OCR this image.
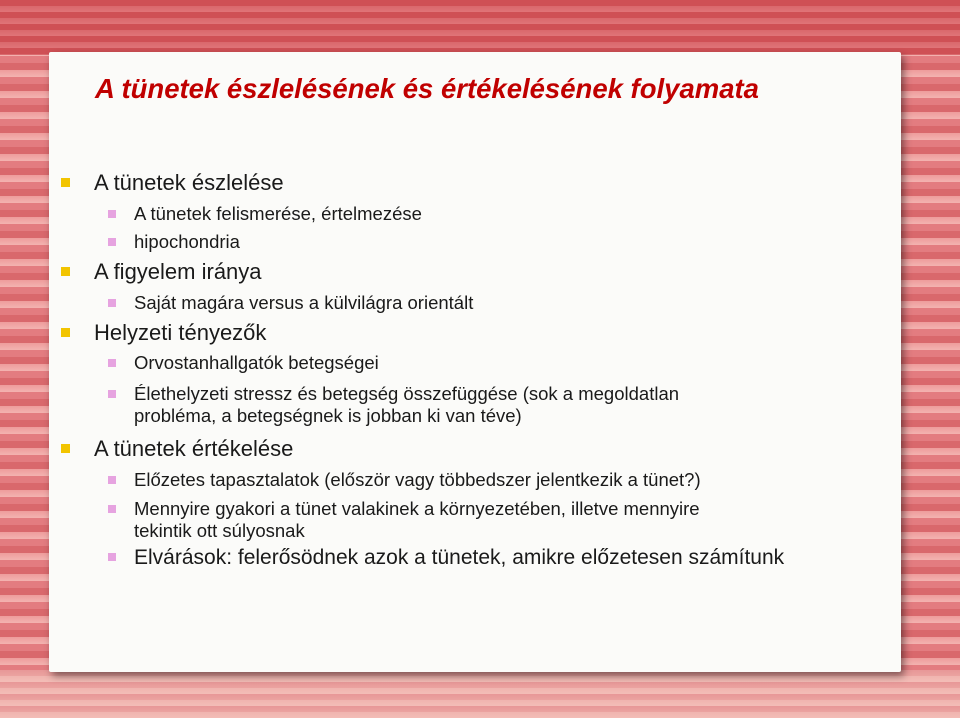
A tünetek észlelésének és értékelésének folyamata
A tünetek észlelése
A tünetek felismerése, értelmezése
hipochondria
A figyelem iránya
Saját magára versus a külvilágra orientált
Helyzeti tényezők
Orvostanhallgatók betegségei
Élethelyzeti stressz és betegség összefüggése (sok a megoldatlan
probléma, a betegségnek is jobban ki van téve)
A tünetek értékelése
Előzetes tapasztalatok (először vagy többedszer jelentkezik a tünet?)
Mennyire gyakori a tünet valakinek a környezetében, illetve mennyire
tekintik ott súlyosnak
Elvárások: felerősödnek azok a tünetek, amikre előzetesen számítunk
